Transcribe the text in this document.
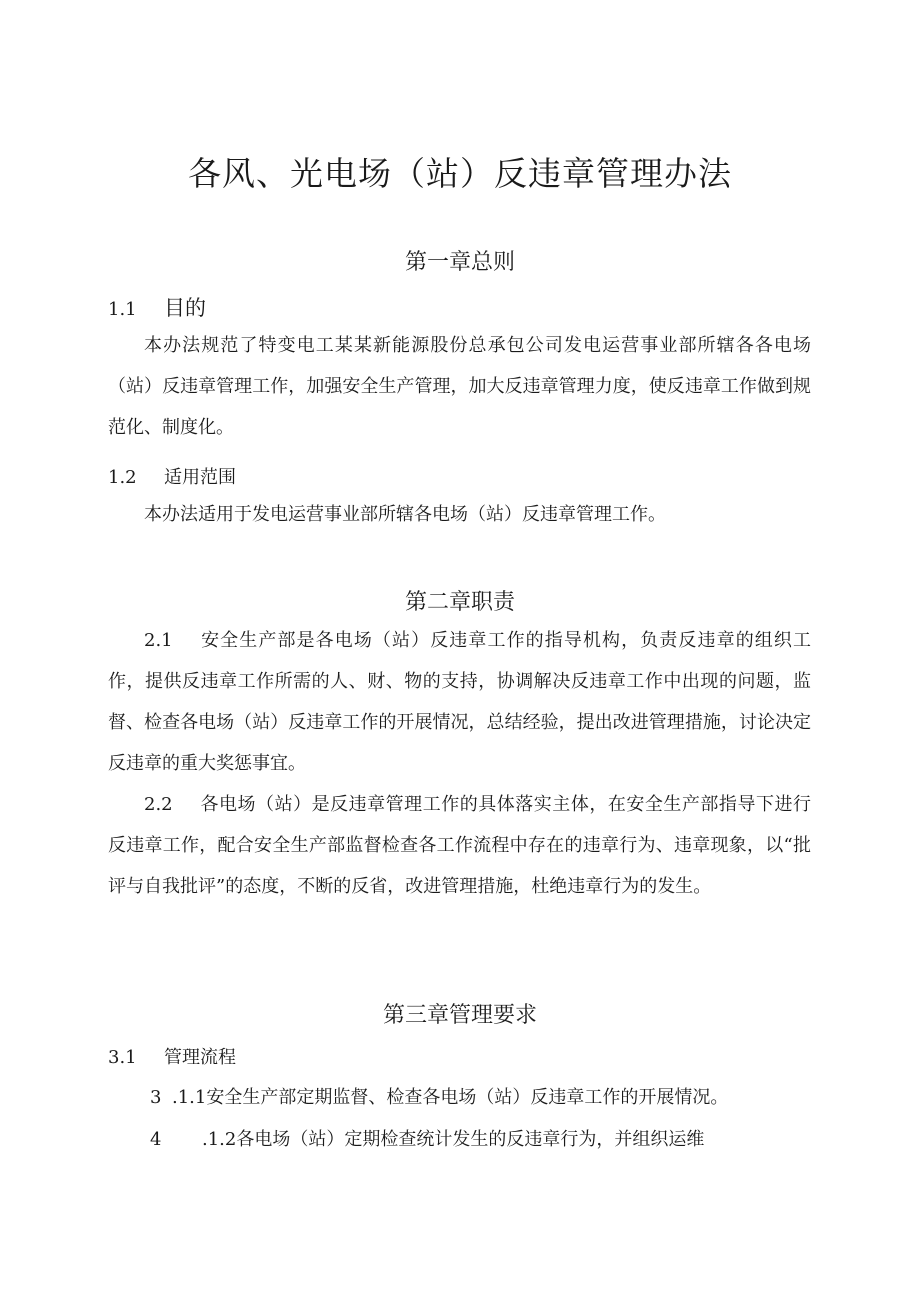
各风、光电场（站）反违章管理办法
第一章总则
1.1 目的
本办法规范了特变电工某某新能源股份总承包公司发电运营事业部所辖各各电场（站）反违章管理工作，加强安全生产管理，加大反违章管理力度，使反违章工作做到规范化、制度化。
1.2 适用范围
本办法适用于发电运营事业部所辖各电场（站）反违章管理工作。
第二章职责
2.1 安全生产部是各电场（站）反违章工作的指导机构，负责反违章的组织工作，提供反违章工作所需的人、财、物的支持，协调解决反违章工作中出现的问题，监督、检查各电场（站）反违章工作的开展情况，总结经验，提出改进管理措施，讨论决定反违章的重大奖惩事宜。
2.2 各电场（站）是反违章管理工作的具体落实主体，在安全生产部指导下进行反违章工作，配合安全生产部监督检查各工作流程中存在的违章行为、违章现象，以“批评与自我批评”的态度，不断的反省，改进管理措施，杜绝违章行为的发生。
第三章管理要求
3.1 管理流程
3 .1.1安全生产部定期监督、检查各电场（站）反违章工作的开展情况。
4 .1.2各电场（站）定期检查统计发生的反违章行为，并组织运维
